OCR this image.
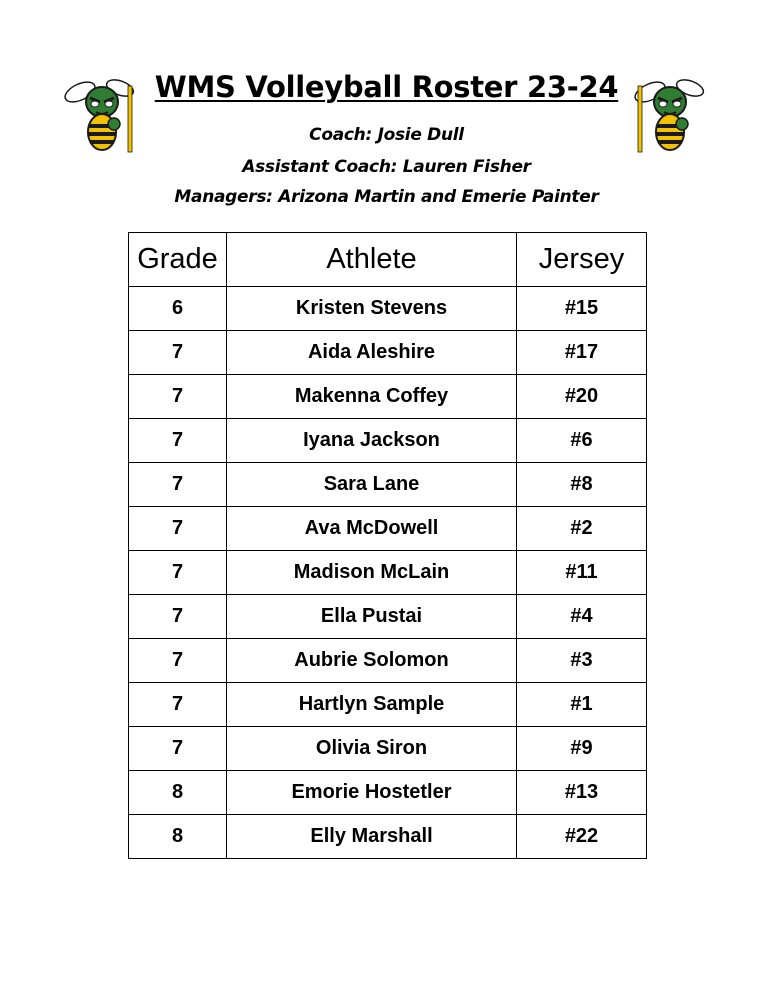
WMS Volleyball Roster 23-24
Coach: Josie Dull
Assistant Coach: Lauren Fisher
Managers: Arizona Martin and Emerie Painter
Grade	Athlete	Jersey
6	Kristen Stevens	#15
7	Aida Aleshire	#17
7	Makenna Coffey	#20
7	Iyana Jackson	#6
7	Sara Lane	#8
7	Ava McDowell	#2
7	Madison McLain	#11
7	Ella Pustai	#4
7	Aubrie Solomon	#3
7	Hartlyn Sample	#1
7	Olivia Siron	#9
8	Emorie Hostetler	#13
8	Elly Marshall	#22
